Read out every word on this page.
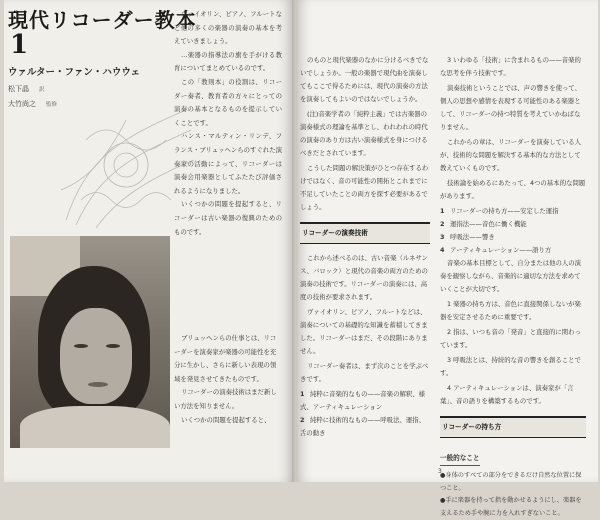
現代リコーダー教本
1
ウァルター・ファン・ハウウェ
松下晶 訳
大竹尚之 監修

ヴァイオリン、ピアノ、フルートなど他の多くの楽器の演奏の基本を考えていきましょう。

…楽器の指導法の旗を手がける教育についてまとめているのです。

この「教則本」の役割は、リコーダー奏者、教育者の方々にとっての演奏の基本となるものを提示していくことです。

ハンス・マルティン・リンデ、フランス・ブリュッヘンらのすぐれた演奏家の活動によって、リコーダーは演奏会用楽器としてふたたび評価されるようになりました。

いくつかの問題を提起すると、リコーダーは古い楽器の復興のためのものです。

ブリュッヘンらの仕事とは、リコーダーを演奏家が楽器の可能性を充分に生かし、さらに新しい表現の領域を発見させてきたものです。

リコーダーの演奏技術はまだ新しい方法を知りません。

いくつかの問題を提起すると、

のものと現代楽器のなかに分けるべきでないでしょうか。一般の楽器で現代曲を演奏してもここで得るためには、現代の演奏の方法を演奏してもよいのではないでしょうか。

(注)音楽学者の「純粋主義」では古楽器の演奏様式の理論を基準とし、われわれの時代の演奏のあり方は古い演奏様式を身につけるべきだとされています。

こうした問題の解決策がひとつ存在するわけではなく、音の可能性の開拓とこれまでに不足していたことの両方を探す必要があるでしょう。

リコーダーの演奏技術

これから述べるのは、古い音楽（ルネサンス、バロック）と現代の音楽の両方のための演奏の技術です。リコーダーの演奏には、高度の技術が要求されます。

ヴァイオリン、ピアノ、フルートなどは、演奏についての基礎的な知識を蓄積してきました。リコーダーはまだ、その段階にありません。

リコーダー奏者は、まず次のことを学ぶべきです。

1 純粋に音楽的なもの——音楽の解釈、様式、アーティキュレーション
2 純粋に技術的なもの——呼吸法、運指、舌の動き

3 いわゆる「技術」に含まれるもの——音楽的な思考を伴う技術です。

演奏技術ということでは、声の響きを使って、個人の思想や感情を表現する可能性のある楽器として、リコーダーの持つ特質を考えていかねばなりません。

これからの章は、リコーダーを演奏している人が、技術的な問題を解決する基本的な方法として教えていくものです。

技術論を始めるにあたって、4つの基本的な問題があります。

1 リコーダーの持ち方——安定した運指
2 運指法——音色に働く機能
3 呼吸法——響き
4 アーティキュレーション——語り方

音楽の基本目標として、自分または他の人の演奏を観察しながら、音楽的に適切な方法を求めていくことが大切です。

1 楽器の持ち方は、音色に直接関係しないが楽器を安定させるために重要です。

2 指は、いつも音の「発音」と直接的に関わっています。

3 呼吸法とは、持続的な音の響きを創ることです。

4 アーティキュレーションは、演奏家が「言葉」、音の語りを構築するものです。

リコーダーの持ち方
一般的なこと
●身体のすべての部分をできるだけ自然な位置に保つこと。
●手に楽器を持って指を動かせるようにし、楽器を支えるため手や腕に力を入れすぎないこと。
3
